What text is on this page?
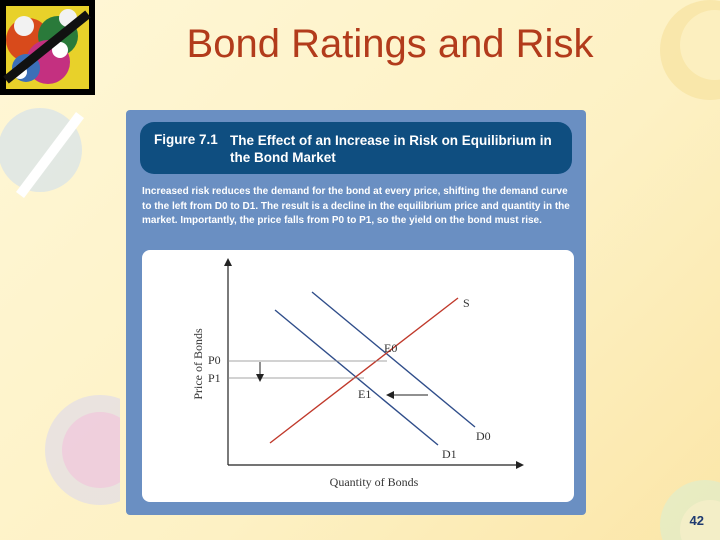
Bond Ratings and Risk
Figure 7.1 The Effect of an Increase in Risk on Equilibrium in the Bond Market
Increased risk reduces the demand for the bond at every price, shifting the demand curve to the left from D0 to D1. The result is a decline in the equilibrium price and quantity in the market. Importantly, the price falls from P0 to P1, so the yield on the bond must rise.
Price of Bonds
Quantity of Bonds
S
D0
D1
E0
E1
P0
P1
42
